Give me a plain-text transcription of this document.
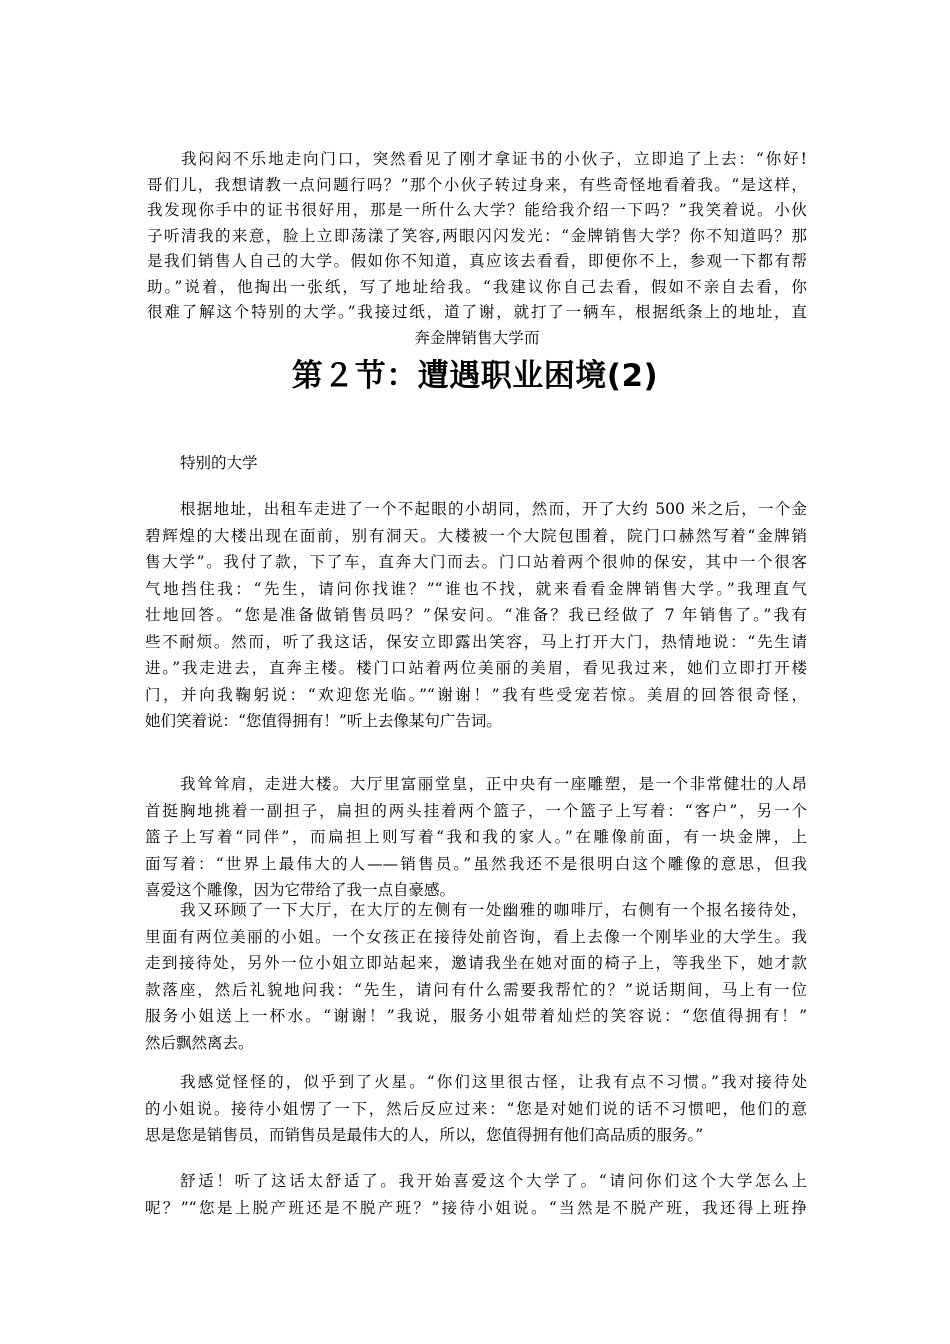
我闷闷不乐地走向门口，突然看见了刚才拿证书的小伙子，立即追了上去：“你好!
哥们儿，我想请教一点问题行吗？”那个小伙子转过身来，有些奇怪地看着我。“是这样，
我发现你手中的证书很好用，那是一所什么大学？能给我介绍一下吗？”我笑着说。小伙
子听清我的来意，脸上立即荡漾了笑容,两眼闪闪发光：“金牌销售大学？你不知道吗？那
是我们销售人自己的大学。假如你不知道，真应该去看看，即便你不上，参观一下都有帮
助。”说着，他掏出一张纸，写了地址给我。“我建议你自己去看，假如不亲自去看，你
很难了解这个特别的大学。”我接过纸，道了谢，就打了一辆车，根据纸条上的地址，直
奔金牌销售大学而
第２节：遭遇职业困境(2)
特别的大学
根据地址，出租车走进了一个不起眼的小胡同，然而，开了大约 500 米之后，一个金
碧辉煌的大楼出现在面前，别有洞天。大楼被一个大院包围着，院门口赫然写着“金牌销
售大学”。我付了款，下了车，直奔大门而去。门口站着两个很帅的保安，其中一个很客
气地挡住我：“先生，请问你找谁？”“谁也不找，就来看看金牌销售大学。”我理直气
壮地回答。“您是准备做销售员吗？”保安问。“准备？我已经做了 7 年销售了。”我有
些不耐烦。然而，听了我这话，保安立即露出笑容，马上打开大门，热情地说：“先生请
进。”我走进去，直奔主楼。楼门口站着两位美丽的美眉，看见我过来，她们立即打开楼
门，并向我鞠躬说：“欢迎您光临。”“谢谢！”我有些受宠若惊。美眉的回答很奇怪，
她们笑着说：“您值得拥有！”听上去像某句广告词。
我耸耸肩，走进大楼。大厅里富丽堂皇，正中央有一座雕塑，是一个非常健壮的人昂
首挺胸地挑着一副担子，扁担的两头挂着两个篮子，一个篮子上写着：“客户”，另一个
篮子上写着“同伴”，而扁担上则写着“我和我的家人。”在雕像前面，有一块金牌，上
面写着：“世界上最伟大的人——销售员。”虽然我还不是很明白这个雕像的意思，但我
喜爱这个雕像，因为它带给了我一点自豪感。
我又环顾了一下大厅，在大厅的左侧有一处幽雅的咖啡厅，右侧有一个报名接待处，
里面有两位美丽的小姐。一个女孩正在接待处前咨询，看上去像一个刚毕业的大学生。我
走到接待处，另外一位小姐立即站起来，邀请我坐在她对面的椅子上，等我坐下，她才款
款落座，然后礼貌地问我：“先生，请问有什么需要我帮忙的？”说话期间，马上有一位
服务小姐送上一杯水。“谢谢！”我说，服务小姐带着灿烂的笑容说：“您值得拥有！”
然后飘然离去。
我感觉怪怪的，似乎到了火星。“你们这里很古怪，让我有点不习惯。”我对接待处
的小姐说。接待小姐愣了一下，然后反应过来：“您是对她们说的话不习惯吧，他们的意
思是您是销售员，而销售员是最伟大的人，所以，您值得拥有他们高品质的服务。”
舒适！听了这话太舒适了。我开始喜爱这个大学了。“请问你们这个大学怎么上
呢？”“您是上脱产班还是不脱产班？”接待小姐说。“当然是不脱产班，我还得上班挣
